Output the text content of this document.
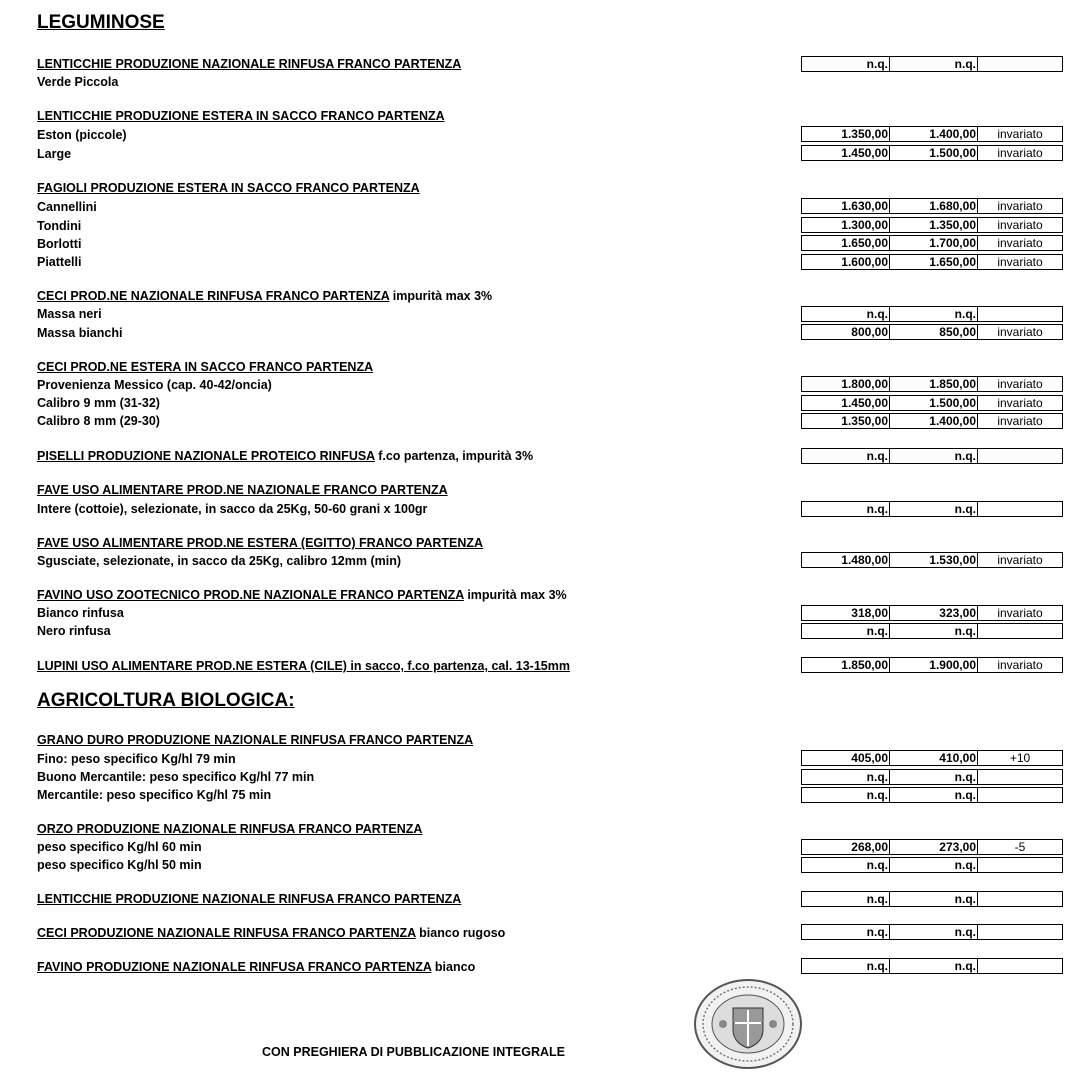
LEGUMINOSE
LENTICCHIE PRODUZIONE NAZIONALE RINFUSA FRANCO PARTENZA	n.q.	n.q.
Verde Piccola
LENTICCHIE PRODUZIONE ESTERA IN SACCO FRANCO PARTENZA
Eston (piccole)	1.350,00	1.400,00	invariato
Large	1.450,00	1.500,00	invariato
FAGIOLI PRODUZIONE ESTERA IN SACCO FRANCO PARTENZA
Cannellini	1.630,00	1.680,00	invariato
Tondini	1.300,00	1.350,00	invariato
Borlotti	1.650,00	1.700,00	invariato
Piattelli	1.600,00	1.650,00	invariato
CECI PROD.NE NAZIONALE RINFUSA FRANCO PARTENZA impurità max 3%
Massa neri	n.q.	n.q.
Massa bianchi	800,00	850,00	invariato
CECI PROD.NE ESTERA IN SACCO FRANCO PARTENZA
Provenienza Messico (cap. 40-42/oncia)	1.800,00	1.850,00	invariato
Calibro 9 mm (31-32)	1.450,00	1.500,00	invariato
Calibro 8 mm (29-30)	1.350,00	1.400,00	invariato
PISELLI PRODUZIONE NAZIONALE PROTEICO RINFUSA f.co partenza, impurità 3%	n.q.	n.q.
FAVE USO ALIMENTARE PROD.NE NAZIONALE FRANCO PARTENZA
Intere (cottoie), selezionate, in sacco da 25Kg, 50-60 grani x 100gr	n.q.	n.q.
FAVE USO ALIMENTARE PROD.NE ESTERA (EGITTO) FRANCO PARTENZA
Sgusciate, selezionate, in sacco da 25Kg, calibro 12mm (min)	1.480,00	1.530,00	invariato
FAVINO USO ZOOTECNICO PROD.NE NAZIONALE FRANCO PARTENZA impurità max 3%
Bianco rinfusa	318,00	323,00	invariato
Nero rinfusa	n.q.	n.q.
LUPINI USO ALIMENTARE PROD.NE ESTERA (CILE) in sacco, f.co partenza, cal. 13-15mm	1.850,00	1.900,00	invariato
AGRICOLTURA BIOLOGICA:
GRANO DURO PRODUZIONE NAZIONALE RINFUSA FRANCO PARTENZA
Fino: peso specifico Kg/hl 79 min	405,00	410,00	+10
Buono Mercantile: peso specifico Kg/hl 77 min	n.q.	n.q.
Mercantile: peso specifico Kg/hl 75 min	n.q.	n.q.
ORZO PRODUZIONE NAZIONALE RINFUSA FRANCO PARTENZA
peso specifico Kg/hl 60 min	268,00	273,00	-5
peso specifico Kg/hl 50 min	n.q.	n.q.
LENTICCHIE PRODUZIONE NAZIONALE RINFUSA FRANCO PARTENZA	n.q.	n.q.
CECI PRODUZIONE NAZIONALE RINFUSA FRANCO PARTENZA bianco rugoso	n.q.	n.q.
FAVINO PRODUZIONE NAZIONALE RINFUSA FRANCO PARTENZA bianco	n.q.	n.q.
CON PREGHIERA DI PUBBLICAZIONE INTEGRALE
